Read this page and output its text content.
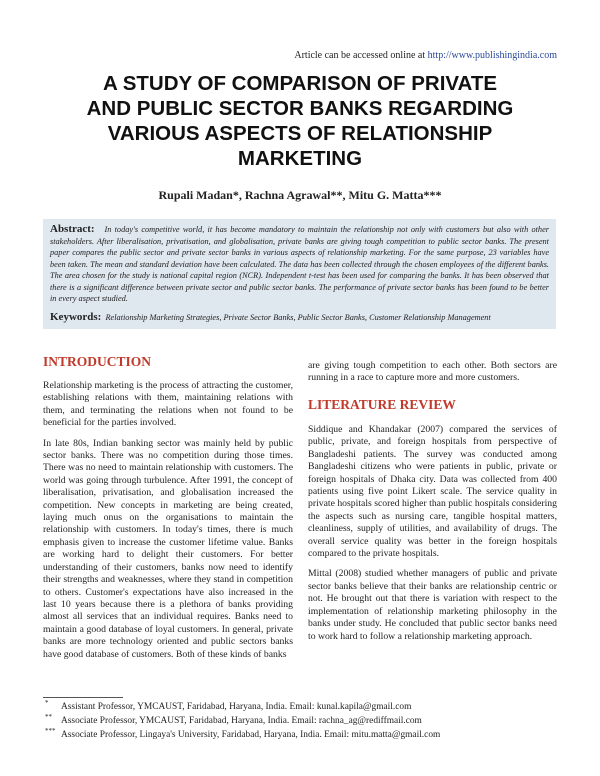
Article can be accessed online at http://www.publishingindia.com
A STUDY OF COMPARISON OF PRIVATE
AND PUBLIC SECTOR BANKS REGARDING
VARIOUS ASPECTS OF RELATIONSHIP
MARKETING
Rupali Madan*, Rachna Agrawal**, Mitu G. Matta***

Abstract: In today's competitive world, it has become mandatory to maintain the relationship not only with customers but also with other stakeholders. After liberalisation, privatisation, and globalisation, private banks are giving tough competition to public sector banks. The present paper compares the public sector and private sector banks in various aspects of relationship marketing. For the same purpose, 23 variables have been taken. The mean and standard deviation have been calculated. The data has been collected through the chosen employees of the different banks. The area chosen for the study is national capital region (NCR). Independent t-test has been used for comparing the banks. It has been observed that there is a significant difference between private sector and public sector banks. The performance of private sector banks has been found to be better in every aspect studied.

Keywords: Relationship Marketing Strategies, Private Sector Banks, Public Sector Banks, Customer Relationship Management
INTRODUCTION

Relationship marketing is the process of attracting the customer, establishing relations with them, maintaining relations with them, and terminating the relations when not found to be beneficial for the parties involved.

In late 80s, Indian banking sector was mainly held by public sector banks. There was no competition during those times. There was no need to maintain relationship with customers. The world was going through turbulence. After 1991, the concept of liberalisation, privatisation, and globalisation increased the competition. New concepts in marketing are being created, laying much onus on the organisations to maintain the relationship with customers. In today's times, there is much emphasis given to increase the customer lifetime value. Banks are working hard to delight their customers. For better understanding of their customers, banks now need to identify their strengths and weaknesses, where they stand in competition to others. Customer's expectations have also increased in the last 10 years because there is a plethora of banks providing almost all services that an individual requires. Banks need to maintain a good database of loyal customers. In general, private banks are more technology oriented and public sectors banks have good database of customers. Both of these kinds of banks

are giving tough competition to each other. Both sectors are running in a race to capture more and more customers.

LITERATURE REVIEW

Siddique and Khandakar (2007) compared the services of public, private, and foreign hospitals from perspective of Bangladeshi patients. The survey was conducted among Bangladeshi citizens who were patients in public, private or foreign hospitals of Dhaka city. Data was collected from 400 patients using five point Likert scale. The service quality in private hospitals scored higher than public hospitals considering the aspects such as nursing care, tangible hospital matters, cleanliness, supply of utilities, and availability of drugs. The overall service quality was better in the foreign hospitals compared to the private hospitals.

Mittal (2008) studied whether managers of public and private sector banks believe that their banks are relationship centric or not. He brought out that there is variation with respect to the implementation of relationship marketing philosophy in the banks under study. He concluded that public sector banks need to work hard to follow a relationship marketing approach.

* Assistant Professor, YMCAUST, Faridabad, Haryana, India. Email: kunal.kapila@gmail.com
** Associate Professor, YMCAUST, Faridabad, Haryana, India. Email: rachna_ag@rediffmail.com
*** Associate Professor, Lingaya's University, Faridabad, Haryana, India. Email: mitu.matta@gmail.com
